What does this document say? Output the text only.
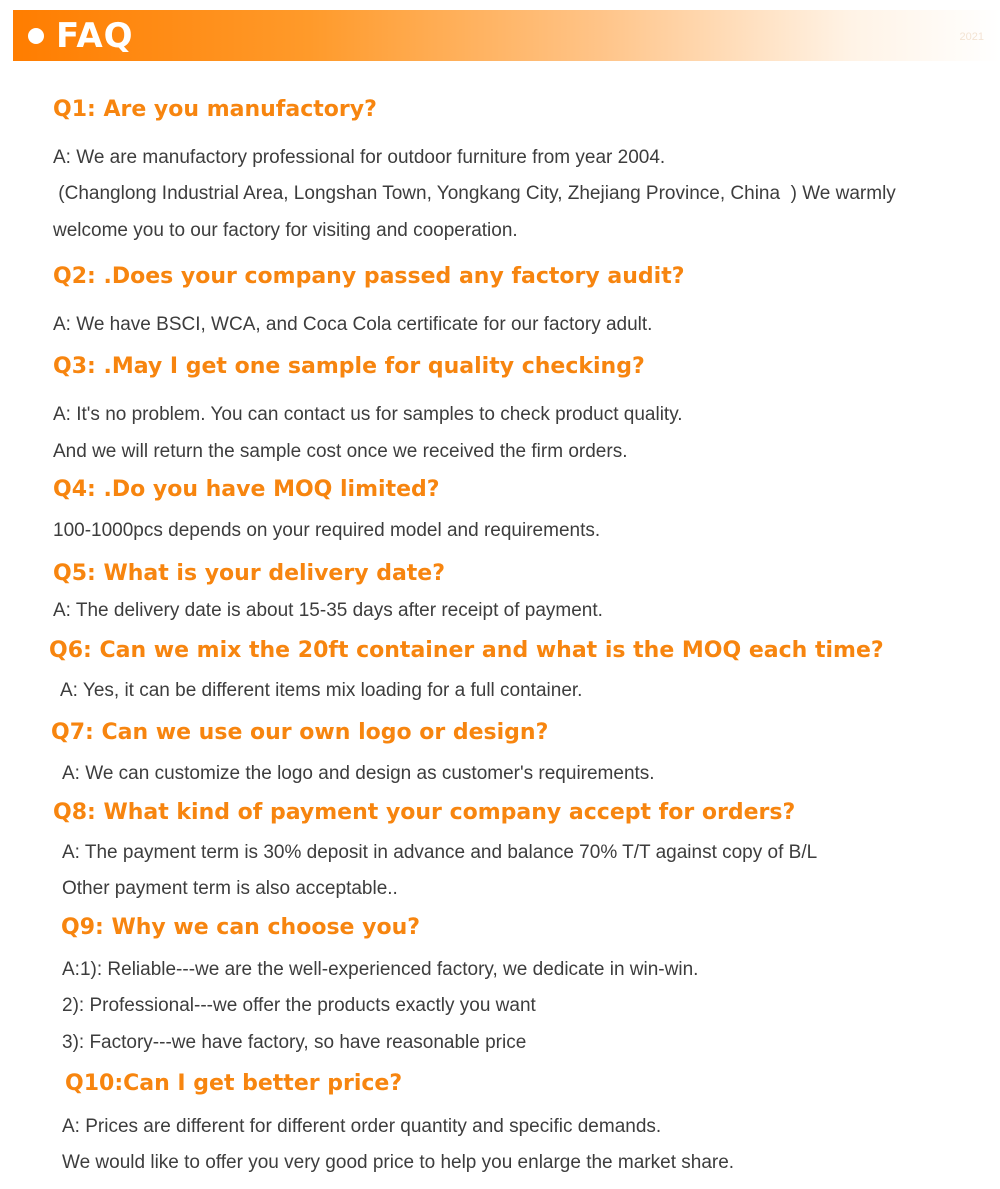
FAQ	2021
Q1: Are you manufactory?

A: We are manufactory professional for outdoor furniture from year 2004.

(Changlong Industrial Area, Longshan Town, Yongkang City, Zhejiang Province, China  ) We warmly

welcome you to our factory for visiting and cooperation.

Q2: .Does your company passed any factory audit?

A: We have BSCI, WCA, and Coca Cola certificate for our factory adult.

Q3: .May I get one sample for quality checking?

A: It's no problem. You can contact us for samples to check product quality.

And we will return the sample cost once we received the firm orders.

Q4: .Do you have MOQ limited?

100-1000pcs depends on your required model and requirements.

Q5: What is your delivery date?

A: The delivery date is about 15-35 days after receipt of payment.

Q6: Can we mix the 20ft container and what is the MOQ each time?

A: Yes, it can be different items mix loading for a full container.

Q7: Can we use our own logo or design?

A: We can customize the logo and design as customer's requirements.

Q8: What kind of payment your company accept for orders?

A: The payment term is 30% deposit in advance and balance 70% T/T against copy of B/L

Other payment term is also acceptable..

Q9: Why we can choose you?

A:1): Reliable---we are the well-experienced factory, we dedicate in win-win.

2): Professional---we offer the products exactly you want

3): Factory---we have factory, so have reasonable price

Q10:Can I get better price?

A: Prices are different for different order quantity and specific demands.

We would like to offer you very good price to help you enlarge the market share.
